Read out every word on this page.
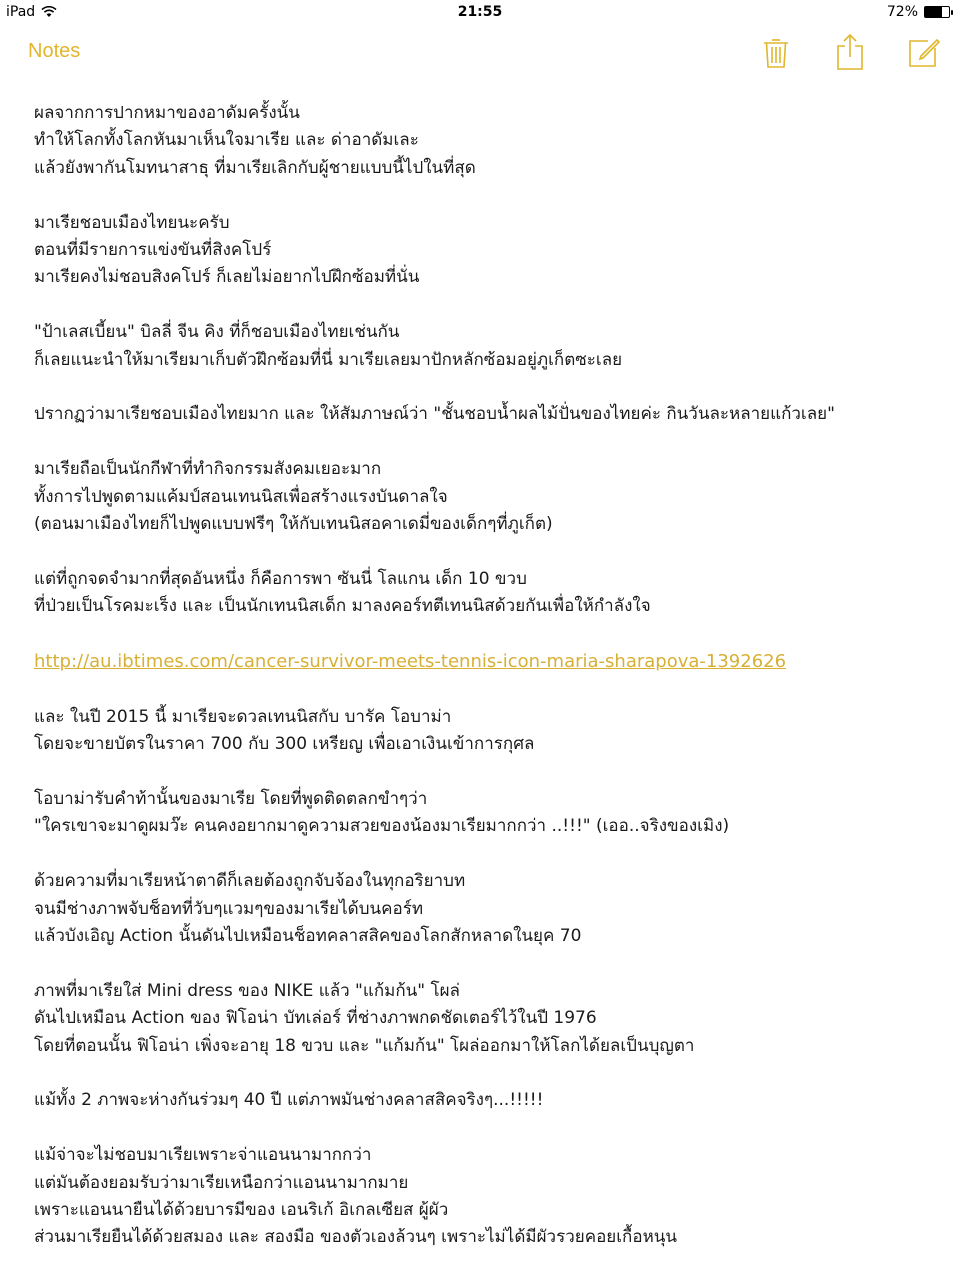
iPad	21:55	72%
Notes

ผลจากการปากหมาของอาดัมครั้งนั้น
ทำให้โลกทั้งโลกหันมาเห็นใจมาเรีย และ ด่าอาดัมเละ
แล้วยังพากันโมทนาสาธุ ที่มาเรียเลิกกับผู้ชายแบบนี้ไปในที่สุด

มาเรียชอบเมืองไทยนะครับ
ตอนที่มีรายการแข่งขันที่สิงคโปร์
มาเรียคงไม่ชอบสิงคโปร์ ก็เลยไม่อยากไปฝึกซ้อมที่นั่น

"ป้าเลสเบี้ยน" บิลลี่ จีน คิง ที่ก็ชอบเมืองไทยเช่นกัน
ก็เลยแนะนำให้มาเรียมาเก็บตัวฝึกซ้อมที่นี่ มาเรียเลยมาปักหลักซ้อมอยู่ภูเก็ตซะเลย

ปรากฏว่ามาเรียชอบเมืองไทยมาก และ ให้สัมภาษณ์ว่า "ชั้นชอบน้ำผลไม้ปั่นของไทยค่ะ กินวันละหลายแก้วเลย"

มาเรียถือเป็นนักกีฬาที่ทำกิจกรรมสังคมเยอะมาก
ทั้งการไปพูดตามแค้มป์สอนเทนนิสเพื่อสร้างแรงบันดาลใจ
(ตอนมาเมืองไทยก็ไปพูดแบบฟรีๆ ให้กับเทนนิสอคาเดมี่ของเด็กๆที่ภูเก็ต)

แต่ที่ถูกจดจำมากที่สุดอันหนึ่ง ก็คือการพา ซันนี่ โลแกน เด็ก 10 ขวบ
ที่ป่วยเป็นโรคมะเร็ง และ เป็นนักเทนนิสเด็ก มาลงคอร์ทตีเทนนิสด้วยกันเพื่อให้กำลังใจ

http://au.ibtimes.com/cancer-survivor-meets-tennis-icon-maria-sharapova-1392626

และ ในปี 2015 นี้ มาเรียจะดวลเทนนิสกับ บารัค โอบาม่า
โดยจะขายบัตรในราคา 700 กับ 300 เหรียญ เพื่อเอาเงินเข้าการกุศล

โอบาม่ารับคำท้านั้นของมาเรีย โดยที่พูดติดตลกขำๆว่า
"ใครเขาจะมาดูผมว๊ะ คนคงอยากมาดูความสวยของน้องมาเรียมากกว่า ..!!!" (เออ..จริงของเมิง)

ด้วยความที่มาเรียหน้าตาดีก็เลยต้องถูกจับจ้องในทุกอริยาบท
จนมีช่างภาพจับช็อทที่วับๆแวมๆของมาเรียได้บนคอร์ท
แล้วบังเอิญ Action นั้นดันไปเหมือนช็อทคลาสสิคของโลกสักหลาดในยุค 70

ภาพที่มาเรียใส่ Mini dress ของ NIKE แล้ว "แก้มก้น" โผล่
ดันไปเหมือน Action ของ ฟิโอน่า บัทเล่อร์ ที่ช่างภาพกดชัดเตอร์ไว้ในปี 1976
โดยที่ตอนนั้น ฟิโอน่า เพิ่งจะอายุ 18 ขวบ และ "แก้มก้น" โผล่ออกมาให้โลกได้ยลเป็นบุญตา

แม้ทั้ง 2 ภาพจะห่างกันร่วมๆ 40 ปี แต่ภาพมันช่างคลาสสิคจริงๆ...!!!!!

แม้จ่าจะไม่ชอบมาเรียเพราะจ่าแอนนามากกว่า
แต่มันต้องยอมรับว่ามาเรียเหนือกว่าแอนนามากมาย
เพราะแอนนายืนได้ด้วยบารมีของ เอนริเก้ อิเกลเซียส ผู้ผัว
ส่วนมาเรียยืนได้ด้วยสมอง และ สองมือ ของตัวเองล้วนๆ เพราะไม่ได้มีผัวรวยคอยเกื้อหนุน
